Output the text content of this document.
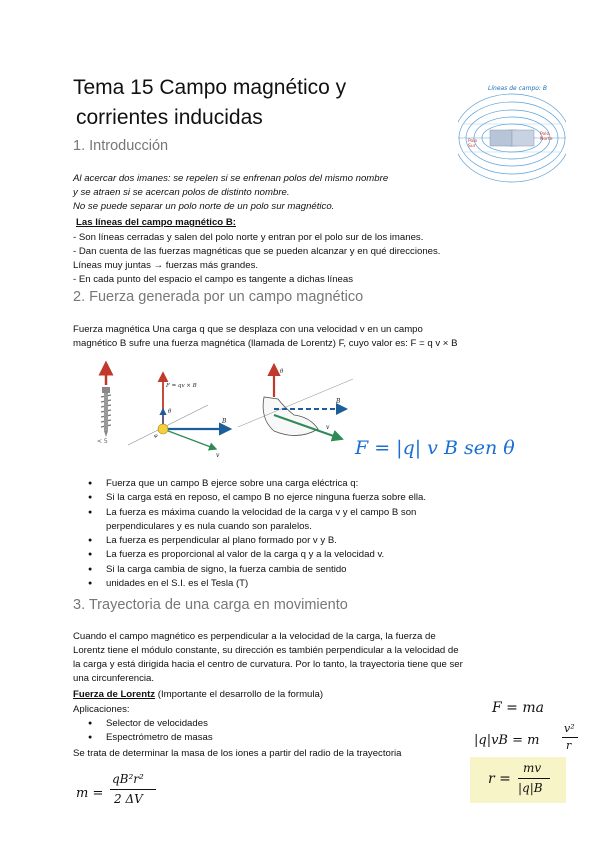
Tema 15 Campo magnético y
corrientes inducidas
Líneas de campo: B
Polo
Sur
Polo
Norte
1. Introducción
Al acercar dos imanes: se repelen si se enfrenan polos del mismo nombre
y se atraen si se acercan polos de distinto nombre.
No se puede separar un polo norte de un polo sur magnético.
Las líneas del campo magnético B:
- Son líneas cerradas y salen del polo norte y entran por el polo sur de los imanes.
- Dan cuenta de las fuerzas magnéticas que se pueden alcanzar y en qué direcciones.
Líneas muy juntas → fuerzas más grandes.
- En cada punto del espacio el campo es tangente a dichas líneas
2. Fuerza generada por un campo magnético
Fuerza magnética Una carga q que se desplaza con una velocidad v en un campo
magnético B sufre una fuerza magnética (llamada de Lorentz) F, cuyo valor es: F = q v × B
< 5
F = qv × B
θ
B
v
φ
θ
B
v
F = |q| v B sen θ
● Fuerza que un campo B ejerce sobre una carga eléctrica q:
● Si la carga está en reposo, el campo B no ejerce ninguna fuerza sobre ella.
● La fuerza es máxima cuando la velocidad de la carga v y el campo B son
perpendiculares y es nula cuando son paralelos.
● La fuerza es perpendicular al plano formado por v y B.
● La fuerza es proporcional al valor de la carga q y a la velocidad v.
● Si la carga cambia de signo, la fuerza cambia de sentido
● unidades en el S.I. es el Tesla (T)
3. Trayectoria de una carga en movimiento
Cuando el campo magnético es perpendicular a la velocidad de la carga, la fuerza de
Lorentz tiene el módulo constante, su dirección es también perpendicular a la velocidad de
la carga y está dirigida hacia el centro de curvatura. Por lo tanto, la trayectoria tiene que ser
una circunferencia.
Fuerza de Lorentz (Importante el desarrollo de la formula)
Aplicaciones:
● Selector de velocidades
● Espectrómetro de masas
Se trata de determinar la masa de los iones a partir del radio de la trayectoria
F = ma
|q|vB = m
v²
r
r =
mv
|q|B
m =
qB²r²
2 ΔV
